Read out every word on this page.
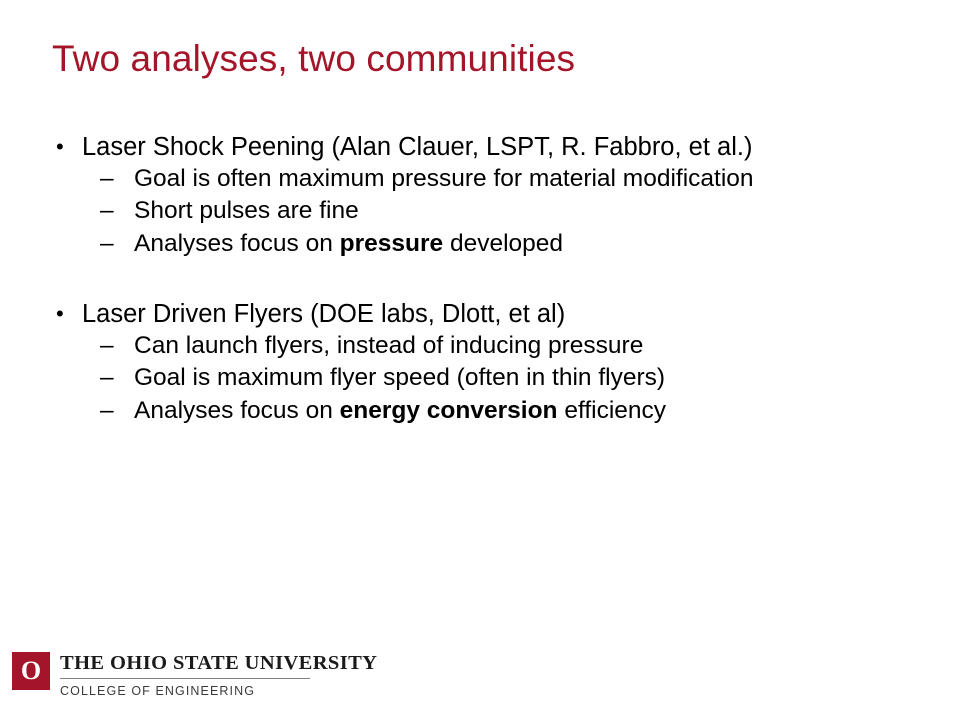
Two analyses, two communities
• Laser Shock Peening (Alan Clauer, LSPT, R. Fabbro, et al.)
– Goal is often maximum pressure for material modification
– Short pulses are fine
– Analyses focus on pressure developed
• Laser Driven Flyers (DOE labs, Dlott, et al)
– Can launch flyers, instead of inducing pressure
– Goal is maximum flyer speed (often in thin flyers)
– Analyses focus on energy conversion efficiency
O THE OHIO STATE UNIVERSITY
COLLEGE OF ENGINEERING
